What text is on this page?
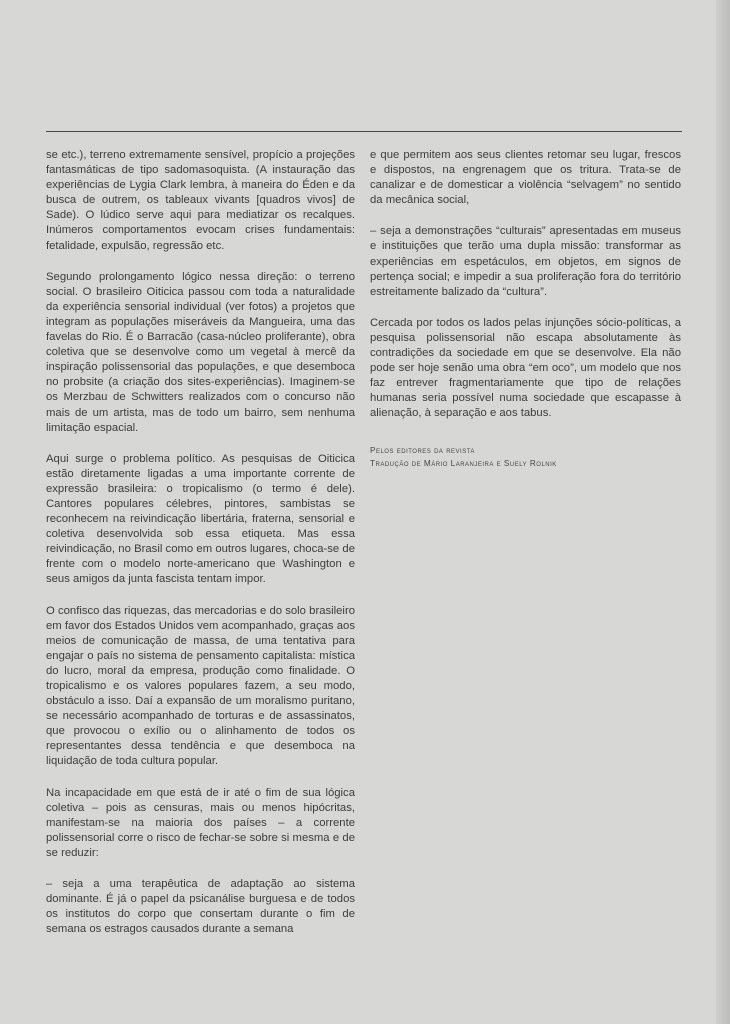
se etc.), terreno extremamente sensível, propício a projeções fantasmáticas de tipo sadomasoquista. (A instauração das experiências de Lygia Clark lembra, à maneira do Éden e da busca de outrem, os tableaux vivants [quadros vivos] de Sade). O lúdico serve aqui para mediatizar os recalques. Inúmeros comportamentos evocam crises fundamentais: fetalidade, expulsão, regressão etc.

Segundo prolongamento lógico nessa direção: o terreno social. O brasileiro Oiticica passou com toda a naturalidade da experiência sensorial individual (ver fotos) a projetos que integram as populações miseráveis da Mangueira, uma das favelas do Rio. É o Barracão (casa-núcleo proliferante), obra coletiva que se desenvolve como um vegetal à mercê da inspiração polissensorial das populações, e que desemboca no probsite (a criação dos sites-experiências). Imaginem-se os Merzbau de Schwitters realizados com o concurso não mais de um artista, mas de todo um bairro, sem nenhuma limitação espacial.

Aqui surge o problema político. As pesquisas de Oiticica estão diretamente ligadas a uma importante corrente de expressão brasileira: o tropicalismo (o termo é dele). Cantores populares célebres, pintores, sambistas se reconhecem na reivindicação libertária, fraterna, sensorial e coletiva desenvolvida sob essa etiqueta. Mas essa reivindicação, no Brasil como em outros lugares, choca-se de frente com o modelo norte-americano que Washington e seus amigos da junta fascista tentam impor.

O confisco das riquezas, das mercadorias e do solo brasileiro em favor dos Estados Unidos vem acompanhado, graças aos meios de comunicação de massa, de uma tentativa para engajar o país no sistema de pensamento capitalista: mística do lucro, moral da empresa, produção como finalidade. O tropicalismo e os valores populares fazem, a seu modo, obstáculo a isso. Daí a expansão de um moralismo puritano, se necessário acompanhado de torturas e de assassinatos, que provocou o exílio ou o alinhamento de todos os representantes dessa tendência e que desemboca na liquidação de toda cultura popular.

Na incapacidade em que está de ir até o fim de sua lógica coletiva – pois as censuras, mais ou menos hipócritas, manifestam-se na maioria dos países – a corrente polissensorial corre o risco de fechar-se sobre si mesma e de se reduzir:

– seja a uma terapêutica de adaptação ao sistema dominante. É já o papel da psicanálise burguesa e de todos os institutos do corpo que consertam durante o fim de semana os estragos causados durante a semana

e que permitem aos seus clientes retomar seu lugar, frescos e dispostos, na engrenagem que os tritura. Trata-se de canalizar e de domesticar a violência “selvagem” no sentido da mecânica social,

– seja a demonstrações “culturais” apresentadas em museus e instituições que terão uma dupla missão: transformar as experiências em espetáculos, em objetos, em signos de pertença social; e impedir a sua proliferação fora do território estreitamente balizado da “cultura”.

Cercada por todos os lados pelas injunções sócio-políticas, a pesquisa polissensorial não escapa absolutamente às contradições da sociedade em que se desenvolve. Ela não pode ser hoje senão uma obra “em oco”, um modelo que nos faz entrever fragmentariamente que tipo de relações humanas seria possível numa sociedade que escapasse à alienação, à separação e aos tabus.

Pelos editores da revista
Tradução de Mário Laranjeira e Suely Rolnik
